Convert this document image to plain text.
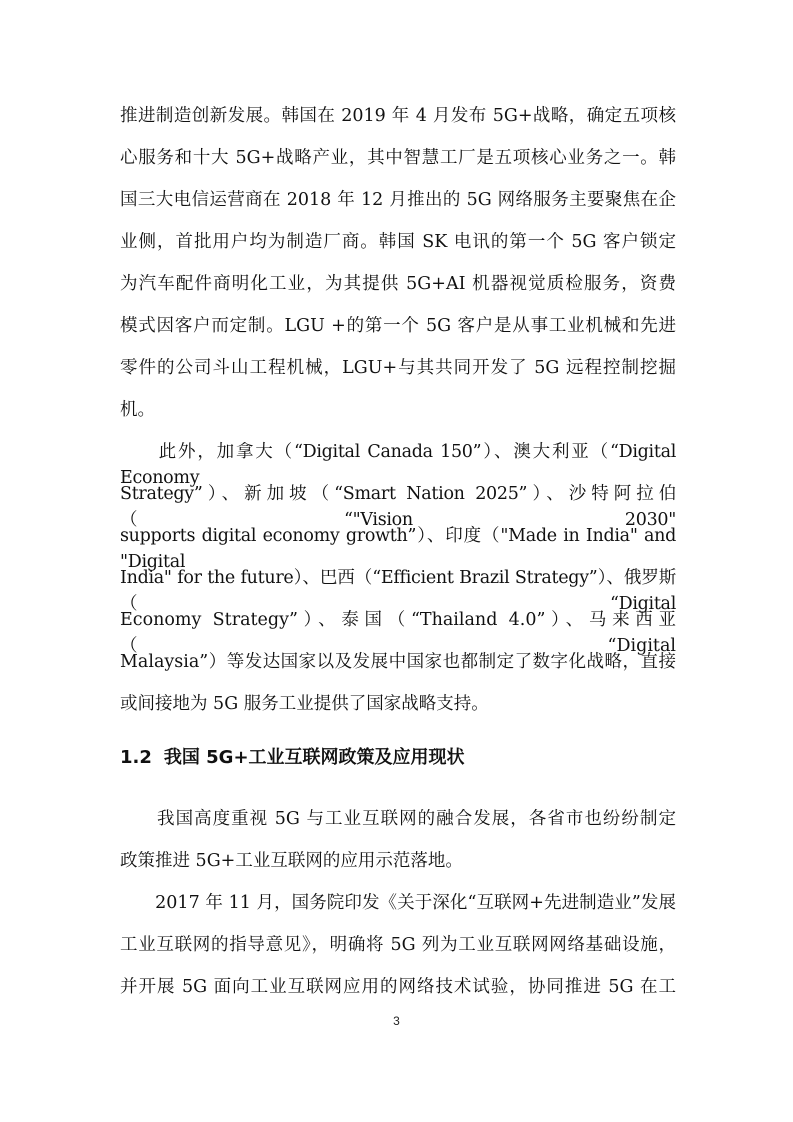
推进制造创新发展。韩国在 2019 年 4 月发布 5G+战略，确定五项核
心服务和十大 5G+战略产业，其中智慧工厂是五项核心业务之一。韩
国三大电信运营商在 2018 年 12 月推出的 5G 网络服务主要聚焦在企
业侧，首批用户均为制造厂商。韩国 SK 电讯的第一个 5G 客户锁定
为汽车配件商明化工业，为其提供 5G+AI 机器视觉质检服务，资费
模式因客户而定制。LGU +的第一个 5G 客户是从事工业机械和先进
零件的公司斗山工程机械，LGU+与其共同开发了 5G 远程控制挖掘
机。
　　此外，加拿大（“Digital Canada 150”）、澳大利亚（“Digital Economy
Strategy”）、新加坡（“Smart Nation 2025”）、沙特阿拉伯（“"Vision 2030"
supports digital economy growth”）、印度（"Made in India" and "Digital
India" for the future）、巴西（“Efficient Brazil Strategy”）、俄罗斯（“Digital
Economy Strategy”）、泰国（“Thailand 4.0”）、马来西亚（“Digital
Malaysia”）等发达国家以及发展中国家也都制定了数字化战略，直接
或间接地为 5G 服务工业提供了国家战略支持。
1.2 我国 5G+工业互联网政策及应用现状
　　我国高度重视 5G 与工业互联网的融合发展，各省市也纷纷制定
政策推进 5G+工业互联网的应用示范落地。
　　2017 年 11 月，国务院印发《关于深化“互联网+先进制造业”发展
工业互联网的指导意见》，明确将 5G 列为工业互联网网络基础设施，
并开展 5G 面向工业互联网应用的网络技术试验，协同推进 5G 在工
3
